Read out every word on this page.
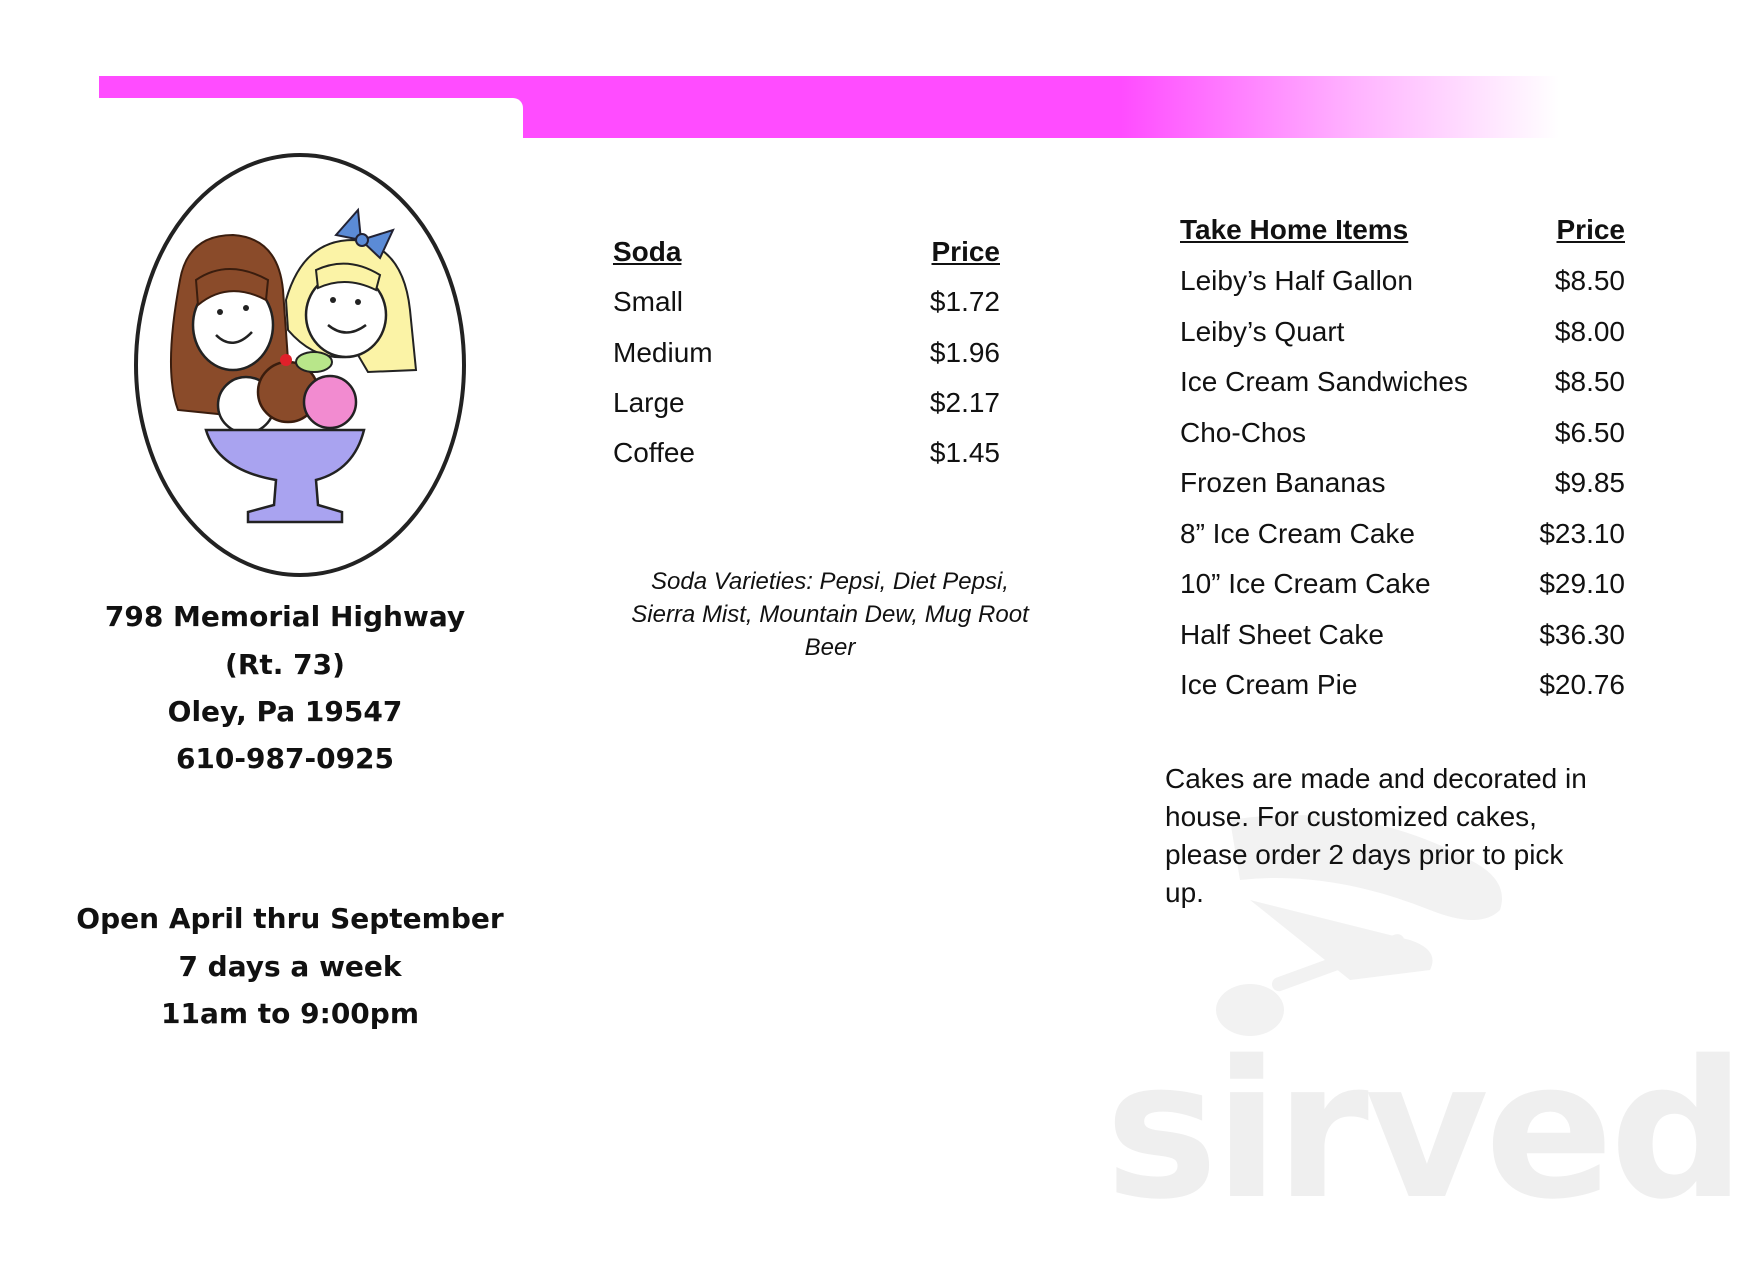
798 Memorial Highway
(Rt. 73)
Oley, Pa 19547
610-987-0925
Open April thru September
7 days a week
11am to 9:00pm
Soda	Price
Small	$1.72
Medium	$1.96
Large	$2.17
Coffee	$1.45
Soda Varieties: Pepsi, Diet Pepsi, Sierra Mist, Mountain Dew, Mug Root Beer
Take Home Items	Price
Leiby’s Half Gallon	$8.50
Leiby’s Quart	$8.00
Ice Cream Sandwiches	$8.50
Cho-Chos	$6.50
Frozen Bananas	$9.85
8” Ice Cream Cake	$23.10
10” Ice Cream Cake	$29.10
Half Sheet Cake	$36.30
Ice Cream Pie	$20.76
sirved
Cakes are made and decorated in house. For customized cakes, please order 2 days prior to pick up.
